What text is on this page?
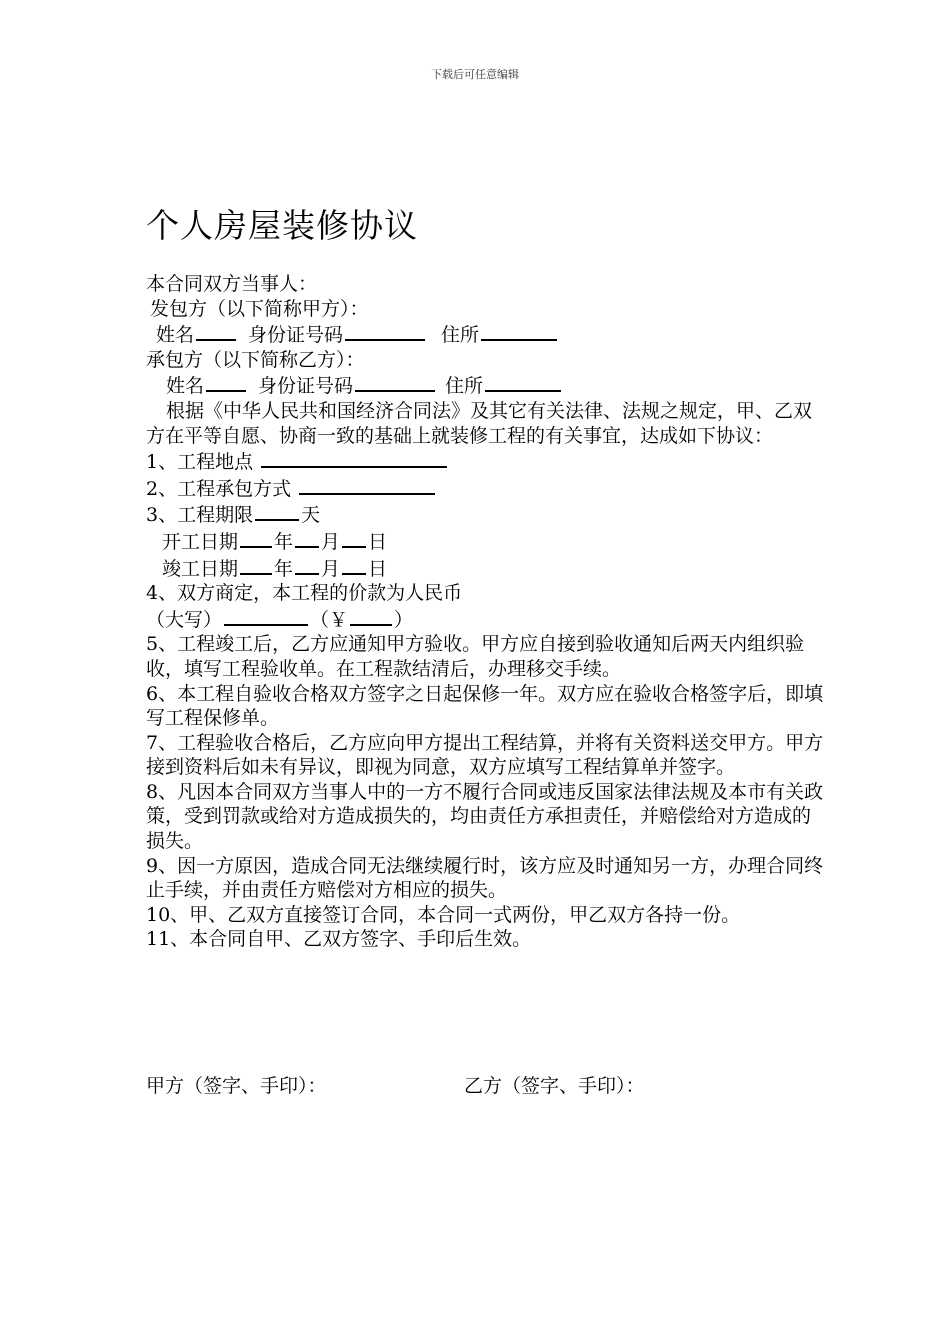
下载后可任意编辑
个人房屋装修协议
本合同双方当事人：
发包方（以下简称甲方）：
姓名	身份证号码	住所
承包方（以下简称乙方）：
姓名	身份证号码	住所
根据《中华人民共和国经济合同法》及其它有关法律、法规之规定，甲、乙双方在平等自愿、协商一致的基础上就装修工程的有关事宜，达成如下协议：
1、工程地点
2、工程承包方式
3、工程期限	天
开工日期 年 月 日
竣工日期 年 月 日
4、双方商定，本工程的价款为人民币
（大写）	（￥ ）
5、工程竣工后，乙方应通知甲方验收。甲方应自接到验收通知后两天内组织验收，填写工程验收单。在工程款结清后，办理移交手续。
6、本工程自验收合格双方签字之日起保修一年。双方应在验收合格签字后，即填写工程保修单。
7、工程验收合格后，乙方应向甲方提出工程结算，并将有关资料送交甲方。甲方接到资料后如未有异议，即视为同意，双方应填写工程结算单并签字。
8、凡因本合同双方当事人中的一方不履行合同或违反国家法律法规及本市有关政策，受到罚款或给对方造成损失的，均由责任方承担责任，并赔偿给对方造成的损失。
9、因一方原因，造成合同无法继续履行时，该方应及时通知另一方，办理合同终止手续，并由责任方赔偿对方相应的损失。
10、甲、乙双方直接签订合同，本合同一式两份，甲乙双方各持一份。
11、本合同自甲、乙双方签字、手印后生效。
甲方（签字、手印）：	乙方（签字、手印）：
